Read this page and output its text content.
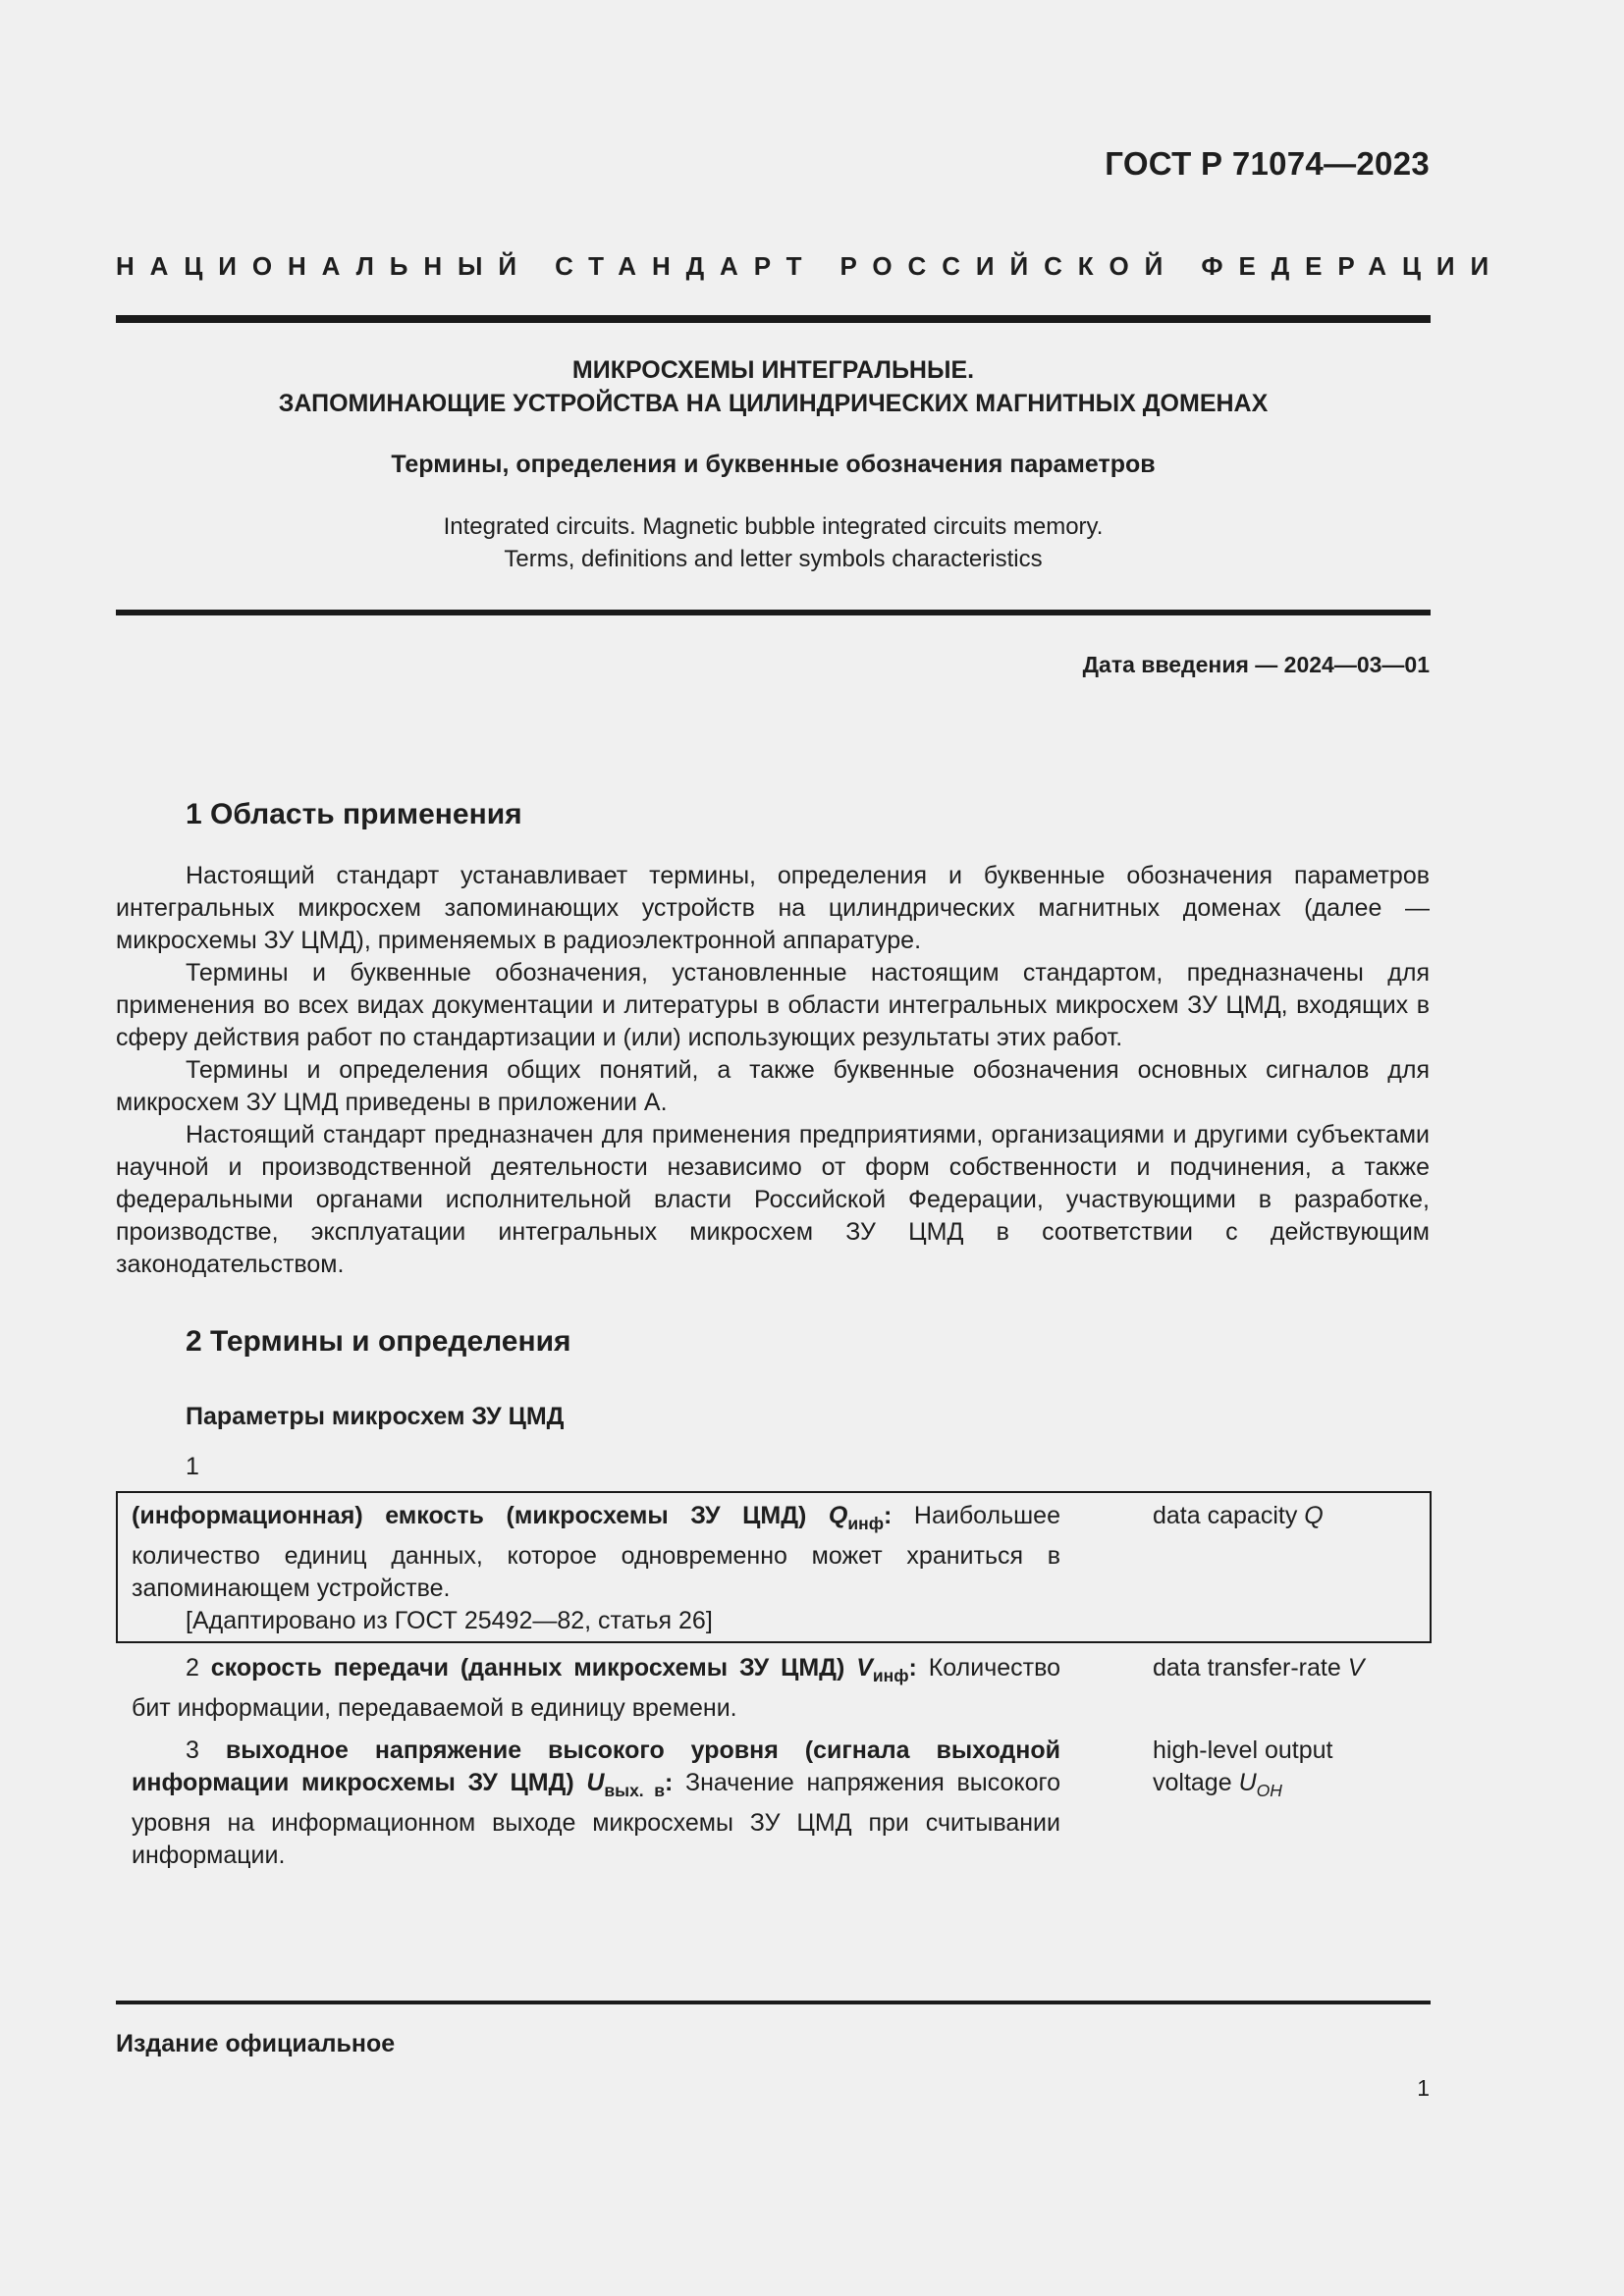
ГОСТ Р 71074—2023
НАЦИОНАЛЬНЫЙ СТАНДАРТ РОССИЙСКОЙ ФЕДЕРАЦИИ
МИКРОСХЕМЫ ИНТЕГРАЛЬНЫЕ.
ЗАПОМИНАЮЩИЕ УСТРОЙСТВА НА ЦИЛИНДРИЧЕСКИХ МАГНИТНЫХ ДОМЕНАХ
Термины, определения и буквенные обозначения параметров
Integrated circuits. Magnetic bubble integrated circuits memory.
Terms, definitions and letter symbols characteristics
Дата введения — 2024—03—01
1 Область применения

Настоящий стандарт устанавливает термины, определения и буквенные обозначения параметров интегральных микросхем запоминающих устройств на цилиндрических магнитных доменах (далее — микросхемы ЗУ ЦМД), применяемых в радиоэлектронной аппаратуре.

Термины и буквенные обозначения, установленные настоящим стандартом, предназначены для применения во всех видах документации и литературы в области интегральных микросхем ЗУ ЦМД, входящих в сферу действия работ по стандартизации и (или) использующих результаты этих работ.

Термины и определения общих понятий, а также буквенные обозначения основных сигналов для микросхем ЗУ ЦМД приведены в приложении А.

Настоящий стандарт предназначен для применения предприятиями, организациями и другими субъектами научной и производственной деятельности независимо от форм собственности и подчинения, а также федеральными органами исполнительной власти Российской Федерации, участвующими в разработке, производстве, эксплуатации интегральных микросхем ЗУ ЦМД в соответствии с действующим законодательством.

2 Термины и определения
Параметры микросхем ЗУ ЦМД
1

(информационная) емкость (микросхемы ЗУ ЦМД) $Q_{инф}$: Наибольшее количество единиц данных, которое одновременно может храниться в запоминающем устройстве.

[Адаптировано из ГОСТ 25492—82, статья 26]

data capacity Q

2 скорость передачи (данных микросхемы ЗУ ЦМД) $V_{инф}$: Количество бит информации, передаваемой в единицу времени.

data transfer-rate V

3 выходное напряжение высокого уровня (сигнала выходной информации микросхемы ЗУ ЦМД) $U_{вых. в}$: Значение напряжения высокого уровня на информационном выходе микросхемы ЗУ ЦМД при считывании информации.

high-level output
voltage $U_{OH}$
Издание официальное
1
